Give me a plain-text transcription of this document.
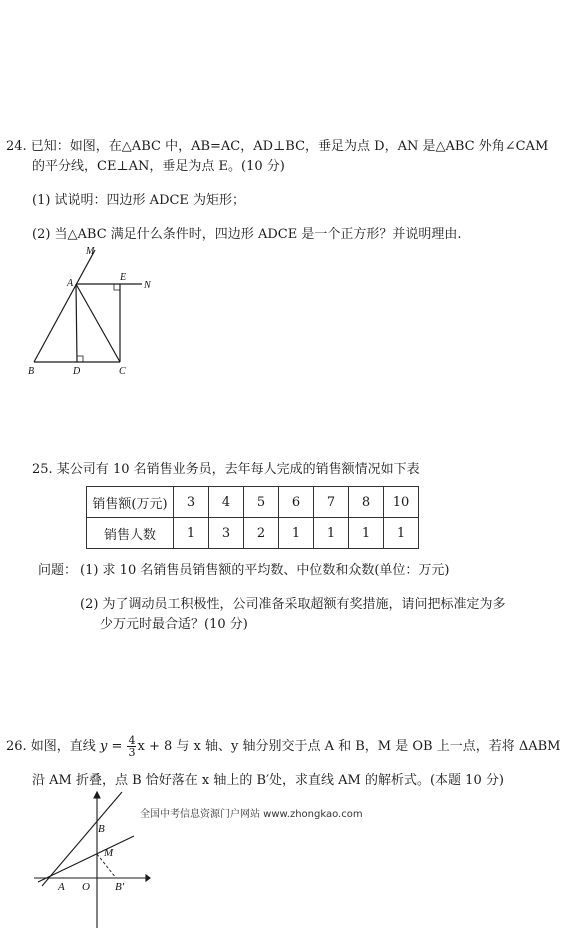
24. 已知：如图，在△ABC 中，AB=AC，AD⊥BC，垂足为点 D，AN 是△ABC 外角∠CAM
的平分线，CE⊥AN，垂足为点 E。(10 分)
(1) 试说明：四边形 ADCE 为矩形；
(2) 当△ABC 满足什么条件时，四边形 ADCE 是一个正方形？并说明理由.
M
A
E
N
B	D	C
25. 某公司有 10 名销售业务员，去年每人完成的销售额情况如下表
销售额(万元)	3	4	5	6	7	8	10
销售人数	1	3	2	1	1	1	1
问题： (1) 求 10 名销售员销售额的平均数、中位数和众数(单位：万元)
(2) 为了调动员工积极性，公司准备采取超额有奖措施，请问把标准定为多
少万元时最合适？(10 分)
26. 如图，直线 $y = \frac{4}{3}$ x + 8 与 x 轴、y 轴分别交于点 A 和 B，M 是 OB 上一点，若将 ΔABM
沿 AM 折叠，点 B 恰好落在 x 轴上的 B′处，求直线 AM 的解析式。(本题 10 分)
全国中考信息资源门户网站 www.zhongkao.com
B
M
A O B′
